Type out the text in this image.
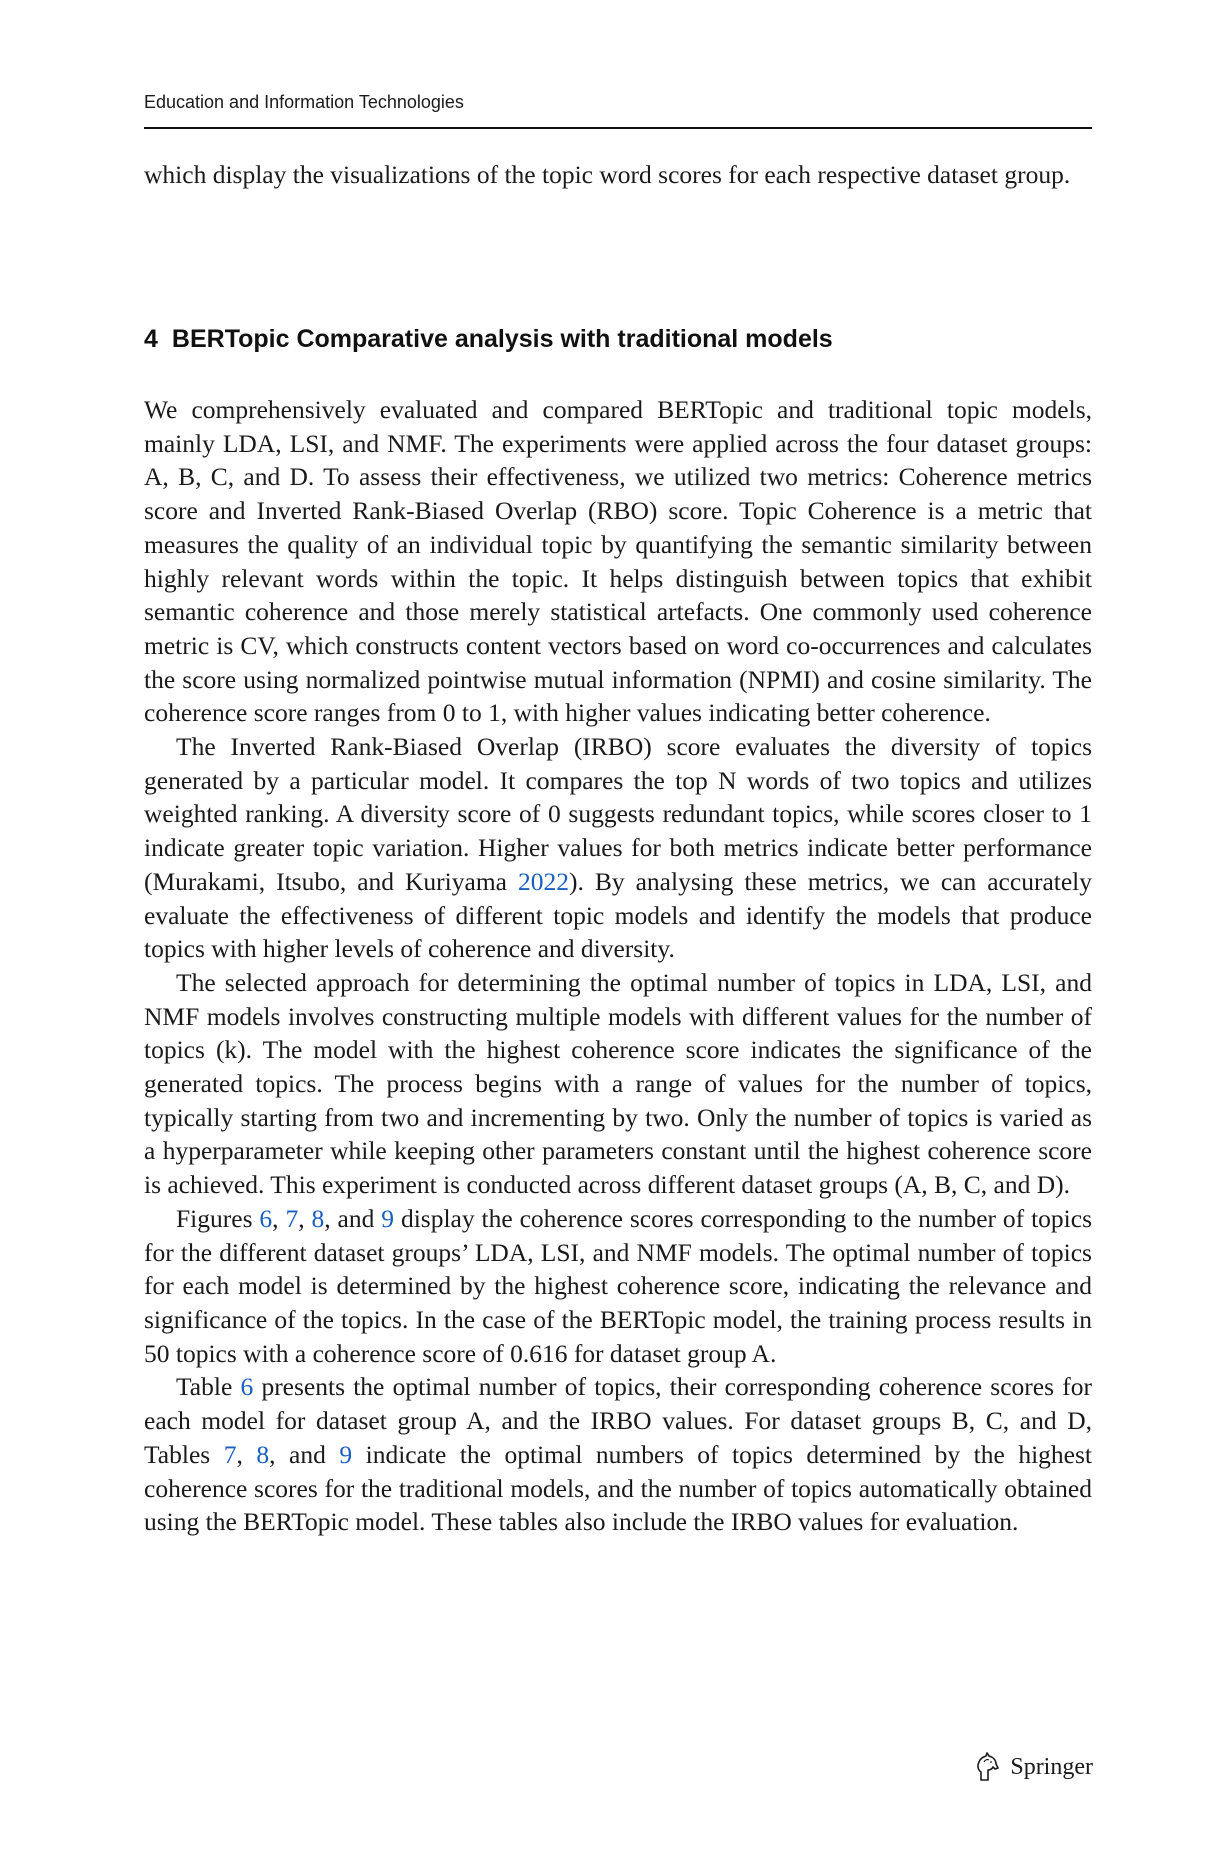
Education and Information Technologies
which display the visualizations of the topic word scores for each respective dataset group.
4 BERTopic Comparative analysis with traditional models

We comprehensively evaluated and compared BERTopic and traditional topic models, mainly LDA, LSI, and NMF. The experiments were applied across the four dataset groups: A, B, C, and D. To assess their effectiveness, we utilized two metrics: Coherence metrics score and Inverted Rank-Biased Overlap (RBO) score. Topic Coherence is a metric that measures the quality of an individual topic by quantifying the semantic similarity between highly relevant words within the topic. It helps distinguish between topics that exhibit semantic coherence and those merely statistical artefacts. One commonly used coherence metric is CV, which constructs content vectors based on word co-occurrences and calculates the score using normalized pointwise mutual information (NPMI) and cosine similarity. The coherence score ranges from 0 to 1, with higher values indicating better coherence.

The Inverted Rank-Biased Overlap (IRBO) score evaluates the diversity of topics generated by a particular model. It compares the top N words of two topics and utilizes weighted ranking. A diversity score of 0 suggests redundant topics, while scores closer to 1 indicate greater topic variation. Higher values for both metrics indicate better performance (Murakami, Itsubo, and Kuriyama 2022). By analysing these metrics, we can accurately evaluate the effectiveness of different topic models and identify the models that produce topics with higher levels of coherence and diversity.

The selected approach for determining the optimal number of topics in LDA, LSI, and NMF models involves constructing multiple models with different values for the number of topics (k). The model with the highest coherence score indicates the significance of the generated topics. The process begins with a range of values for the number of topics, typically starting from two and incrementing by two. Only the number of topics is varied as a hyperparameter while keeping other parameters constant until the highest coherence score is achieved. This experiment is conducted across different dataset groups (A, B, C, and D).

Figures 6, 7, 8, and 9 display the coherence scores corresponding to the number of topics for the different dataset groups’ LDA, LSI, and NMF models. The optimal number of topics for each model is determined by the highest coherence score, indicating the relevance and significance of the topics. In the case of the BERTopic model, the training process results in 50 topics with a coherence score of 0.616 for dataset group A.

Table 6 presents the optimal number of topics, their corresponding coherence scores for each model for dataset group A, and the IRBO values. For dataset groups B, C, and D, Tables 7, 8, and 9 indicate the optimal numbers of topics determined by the highest coherence scores for the traditional models, and the number of topics automatically obtained using the BERTopic model. These tables also include the IRBO values for evaluation.

Springer
